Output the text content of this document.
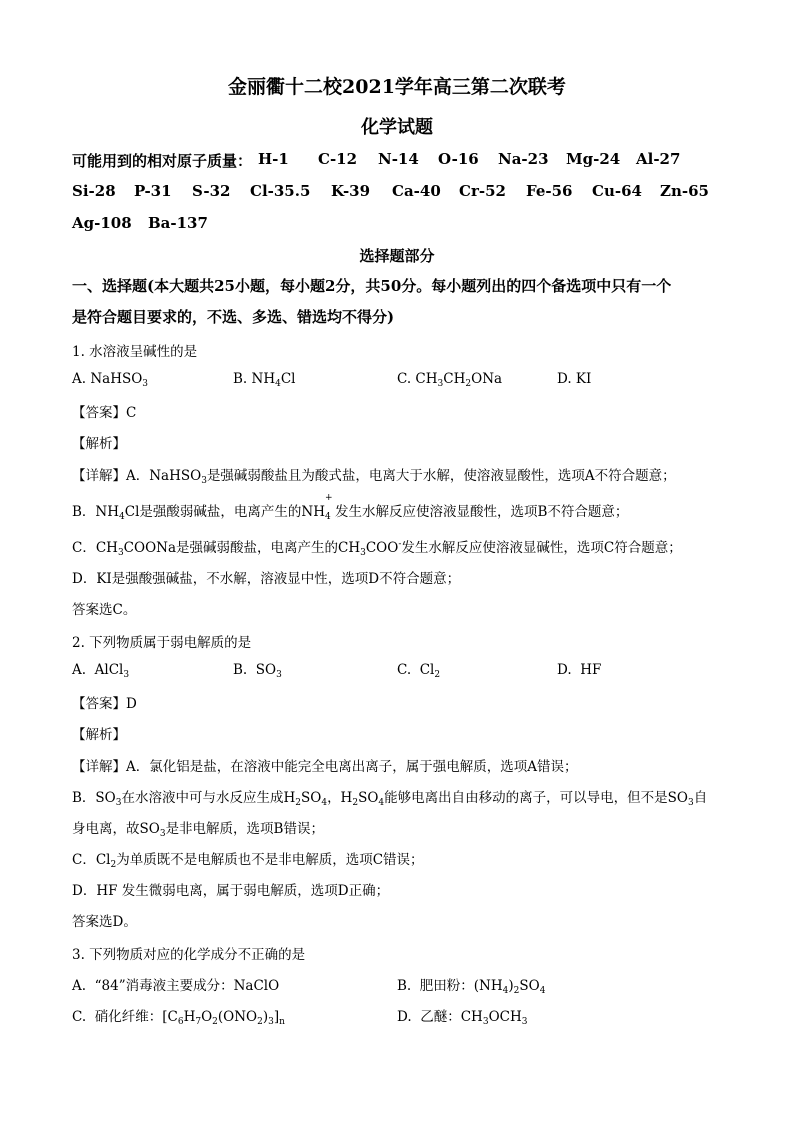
金丽衢十二校2021学年高三第二次联考
化学试题
可能用到的相对原子质量： H-1 C-12 N-14 O-16 Na-23 Mg-24 Al-27
Si-28 P-31 S-32 Cl-35.5 K-39 Ca-40 Cr-52 Fe-56 Cu-64 Zn-65
Ag-108 Ba-137
选择题部分
一、选择题(本大题共25小题，每小题2分，共50分。每小题列出的四个备选项中只有一个
是符合题目要求的，不选、多选、错选均不得分)
1. 水溶液呈碱性的是
A. NaHSO$_3$	B. $NH_4Cl$	C. $CH_3CH_2ONa$	D. KI
【答案】C
【解析】
【详解】A．NaHSO$_3$是强碱弱酸盐且为酸式盐，电离大于水解，使溶液显酸性，选项A不符合题意；
B．$NH_4Cl$是强酸弱碱盐，电离产生的NH
+
$_4$ 发生水解反应使溶液显酸性，选项B不符合题意；
C．$CH_3COONa$是强碱弱酸盐，电离产生的$CH_3COO^-$发生水解反应使溶液显碱性，选项C符合题意；
D．KI是强酸强碱盐，不水解，溶液显中性，选项D不符合题意；
答案选C。
2. 下列物质属于弱电解质的是
A.  AlCl$_3$	B.  $SO_3$	C.  $Cl_2$	D.  HF
【答案】D
【解析】
【详解】A．氯化铝是盐，在溶液中能完全电离出离子，属于强电解质，选项A错误；
B．$SO_3$在水溶液中可与水反应生成$H_2SO_4$，$H_2SO_4$能够电离出自由移动的离子，可以导电，但不是$SO_3$自
身电离，故$SO_3$是非电解质，选项B错误；
C．$Cl_2$为单质既不是电解质也不是非电解质，选项C错误；
D．HF 发生微弱电离，属于弱电解质，选项D正确；
答案选D。
3. 下列物质对应的化学成分不正确的是
A.  “84”消毒液主要成分：NaClO	B.  肥田粉：$(NH_4)_2SO_4$
C.  硝化纤维：$[C_6H_7O_2(ONO_2)_3]_n$	D.  乙醚：$CH_3OCH_3$
